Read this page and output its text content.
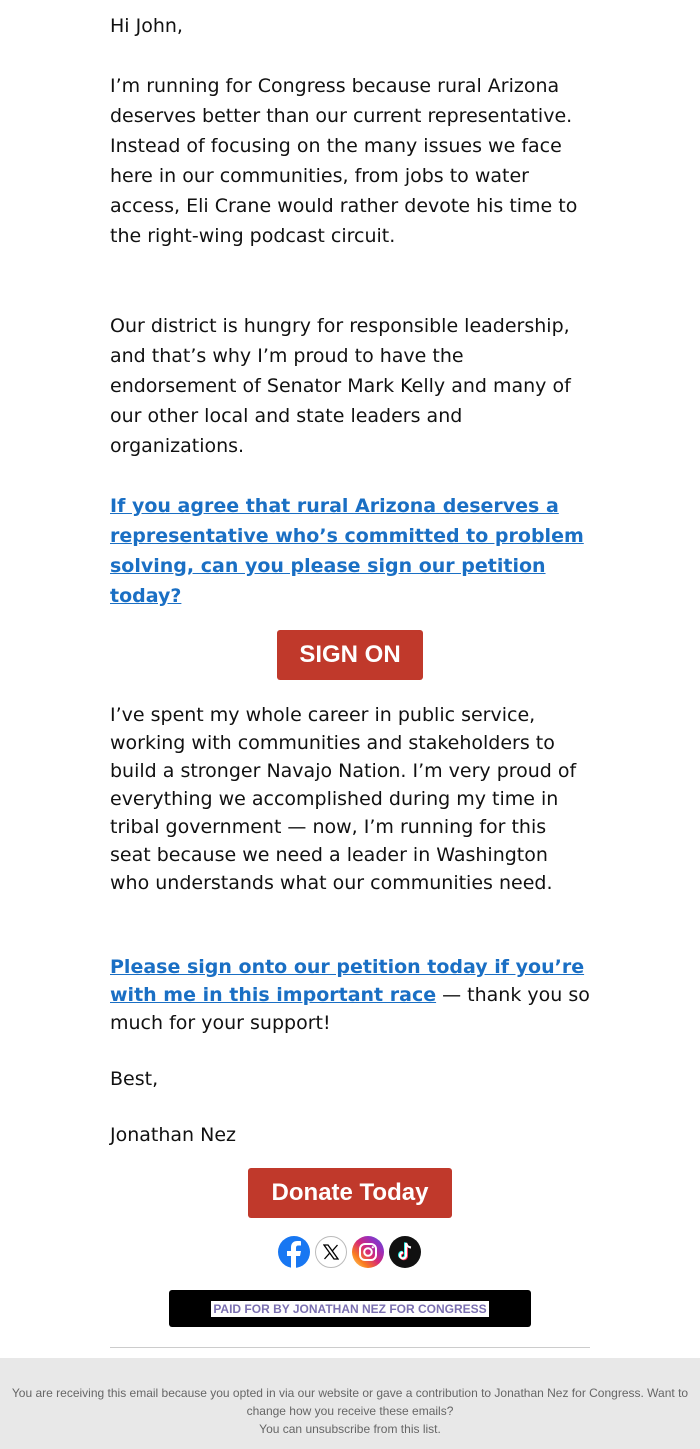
Hi John,

I’m running for Congress because rural Arizona deserves better than our current representative. Instead of focusing on the many issues we face here in our communities, from jobs to water access, Eli Crane would rather devote his time to the right-wing podcast circuit.

Our district is hungry for responsible leadership, and that’s why I’m proud to have the endorsement of Senator Mark Kelly and many of our other local and state leaders and organizations.

If you agree that rural Arizona deserves a representative who’s committed to problem solving, can you please sign our petition today?

I’ve spent my whole career in public service, working with communities and stakeholders to build a stronger Navajo Nation. I’m very proud of everything we accomplished during my time in tribal government — now, I’m running for this seat because we need a leader in Washington who understands what our communities need.

Please sign onto our petition today if you’re with me in this important race — thank you so much for your support!

Best,

Jonathan Nez

SIGN ON
Donate Today
PAID FOR BY JONATHAN NEZ FOR CONGRESS
You are receiving this email because you opted in via our website or gave a contribution to Jonathan Nez for Congress. Want to change how you receive these emails?
You can unsubscribe from this list.
